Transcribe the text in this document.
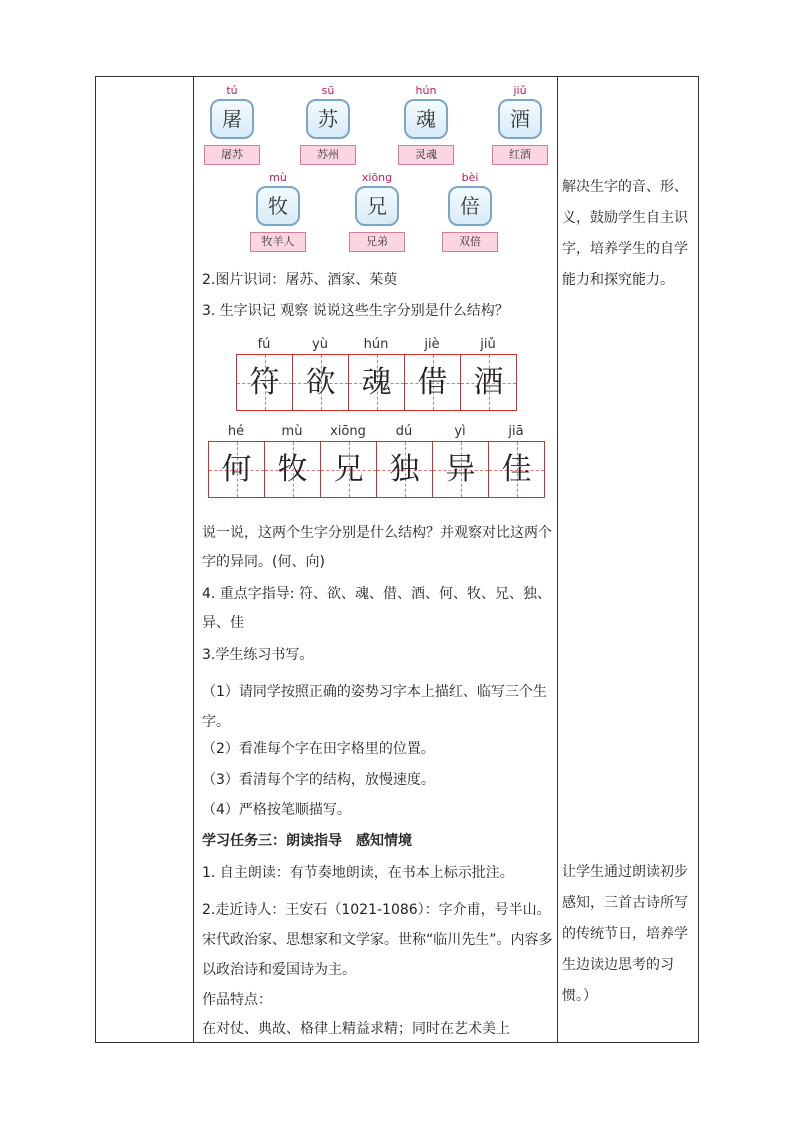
tú
屠
屠苏
sū
苏
苏州
hún
魂
灵魂
jiǔ
酒
红酒
mù
牧
牧羊人
xiōng
兄
兄弟
bèi
倍
双倍
2.图片识词：屠苏、酒家、茱萸
3. 生字识记 观察 说说这些生字分别是什么结构？
fú	yù	hún	jiè	jiǔ
符 欲 魂 借 酒
hé	mù	xiōng	dú	yì	jiā
何 牧 兄 独 异 佳
说一说，这两个生字分别是什么结构？并观察对比这两个字的异同。(何、向)
4. 重点字指导: 符、欲、魂、借、酒、何、牧、兄、独、异、佳
3.学生练习书写。
（1）请同学按照正确的姿势习字本上描红、临写三个生字。
（2）看准每个字在田字格里的位置。
（3）看清每个字的结构，放慢速度。
（4）严格按笔顺描写。
学习任务三：朗读指导　感知情境
1. 自主朗读：有节奏地朗读，在书本上标示批注。
2.走近诗人：王安石（1021-1086）：字介甫，号半山。宋代政治家、思想家和文学家。世称“临川先生”。内容多以政治诗和爱国诗为主。
作品特点：
在对仗、典故、格律上精益求精；同时在艺术美上
解决生字的音、形、义，鼓励学生自主识字，培养学生的自学能力和探究能力。
让学生通过朗读初步感知，三首古诗所写的传统节日，培养学生边读边思考的习惯。）
